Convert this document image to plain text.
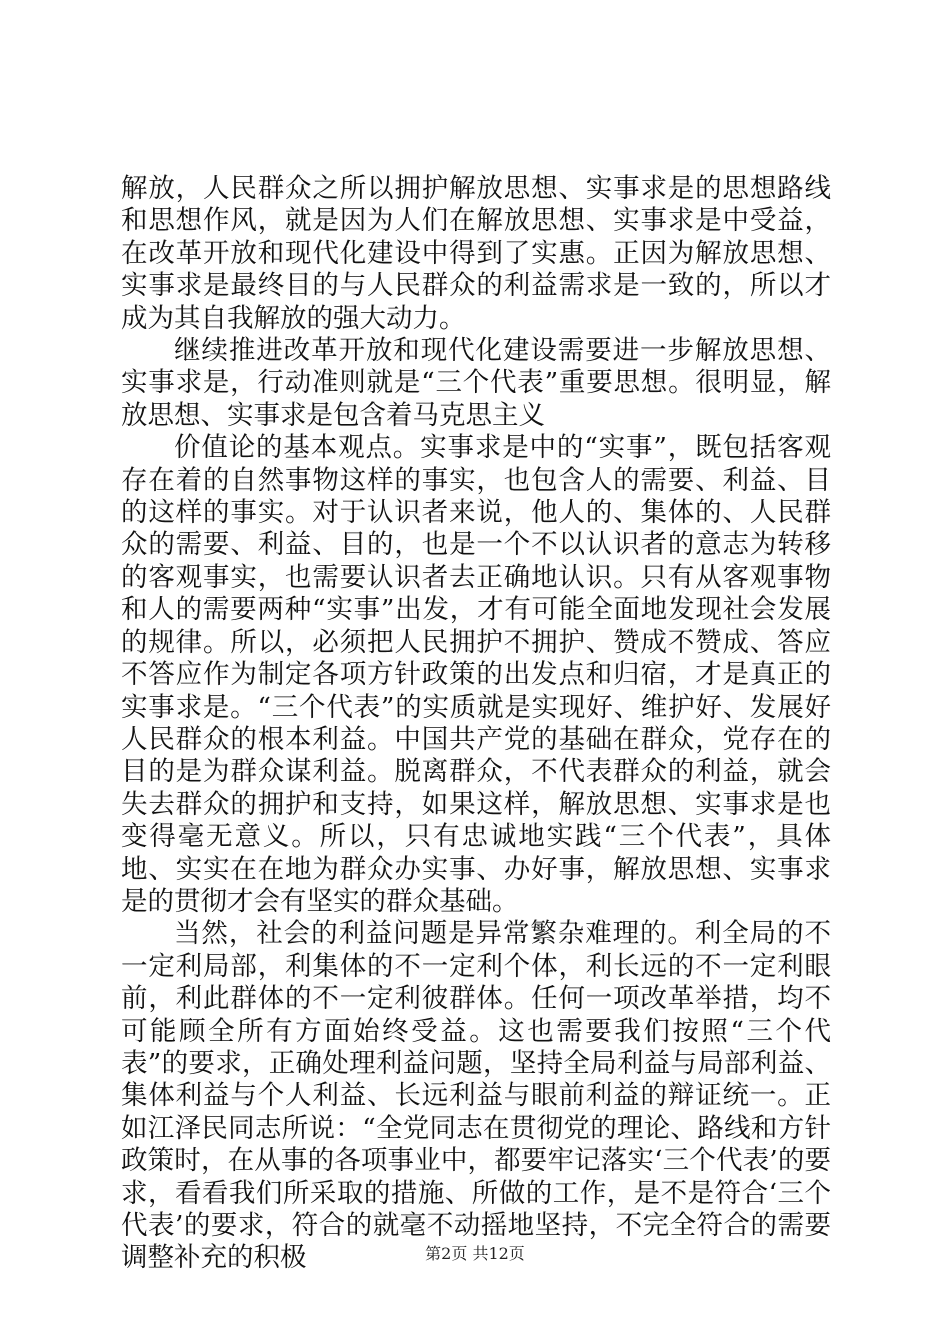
解放，人民群众之所以拥护解放思想、实事求是的思想路线和思想作风，就是因为人们在解放思想、实事求是中受益，在改革开放和现代化建设中得到了实惠。正因为解放思想、实事求是最终目的与人民群众的利益需求是一致的，所以才成为其自我解放的强大动力。

继续推进改革开放和现代化建设需要进一步解放思想、实事求是，行动准则就是“三个代表”重要思想。很明显，解放思想、实事求是包含着马克思主义

价值论的基本观点。实事求是中的“实事”，既包括客观存在着的自然事物这样的事实，也包含人的需要、利益、目的这样的事实。对于认识者来说，他人的、集体的、人民群众的需要、利益、目的，也是一个不以认识者的意志为转移的客观事实，也需要认识者去正确地认识。只有从客观事物和人的需要两种“实事”出发，才有可能全面地发现社会发展的规律。所以，必须把人民拥护不拥护、赞成不赞成、答应不答应作为制定各项方针政策的出发点和归宿，才是真正的实事求是。“三个代表”的实质就是实现好、维护好、发展好人民群众的根本利益。中国共产党的基础在群众，党存在的目的是为群众谋利益。脱离群众，不代表群众的利益，就会失去群众的拥护和支持，如果这样，解放思想、实事求是也变得毫无意义。所以，只有忠诚地实践“三个代表”，具体地、实实在在地为群众办实事、办好事，解放思想、实事求是的贯彻才会有坚实的群众基础。

当然，社会的利益问题是异常繁杂难理的。利全局的不一定利局部，利集体的不一定利个体，利长远的不一定利眼前，利此群体的不一定利彼群体。任何一项改革举措，均不可能顾全所有方面始终受益。这也需要我们按照“三个代表”的要求，正确处理利益问题，坚持全局利益与局部利益、集体利益与个人利益、长远利益与眼前利益的辩证统一。正如江泽民同志所说：“全党同志在贯彻党的理论、路线和方针政策时，在从事的各项事业中，都要牢记落实‘三个代表’的要求，看看我们所采取的措施、所做的工作，是不是符合‘三个代表’的要求，符合的就毫不动摇地坚持，不完全符合的需要调整补充的积极	第2页 共12页
